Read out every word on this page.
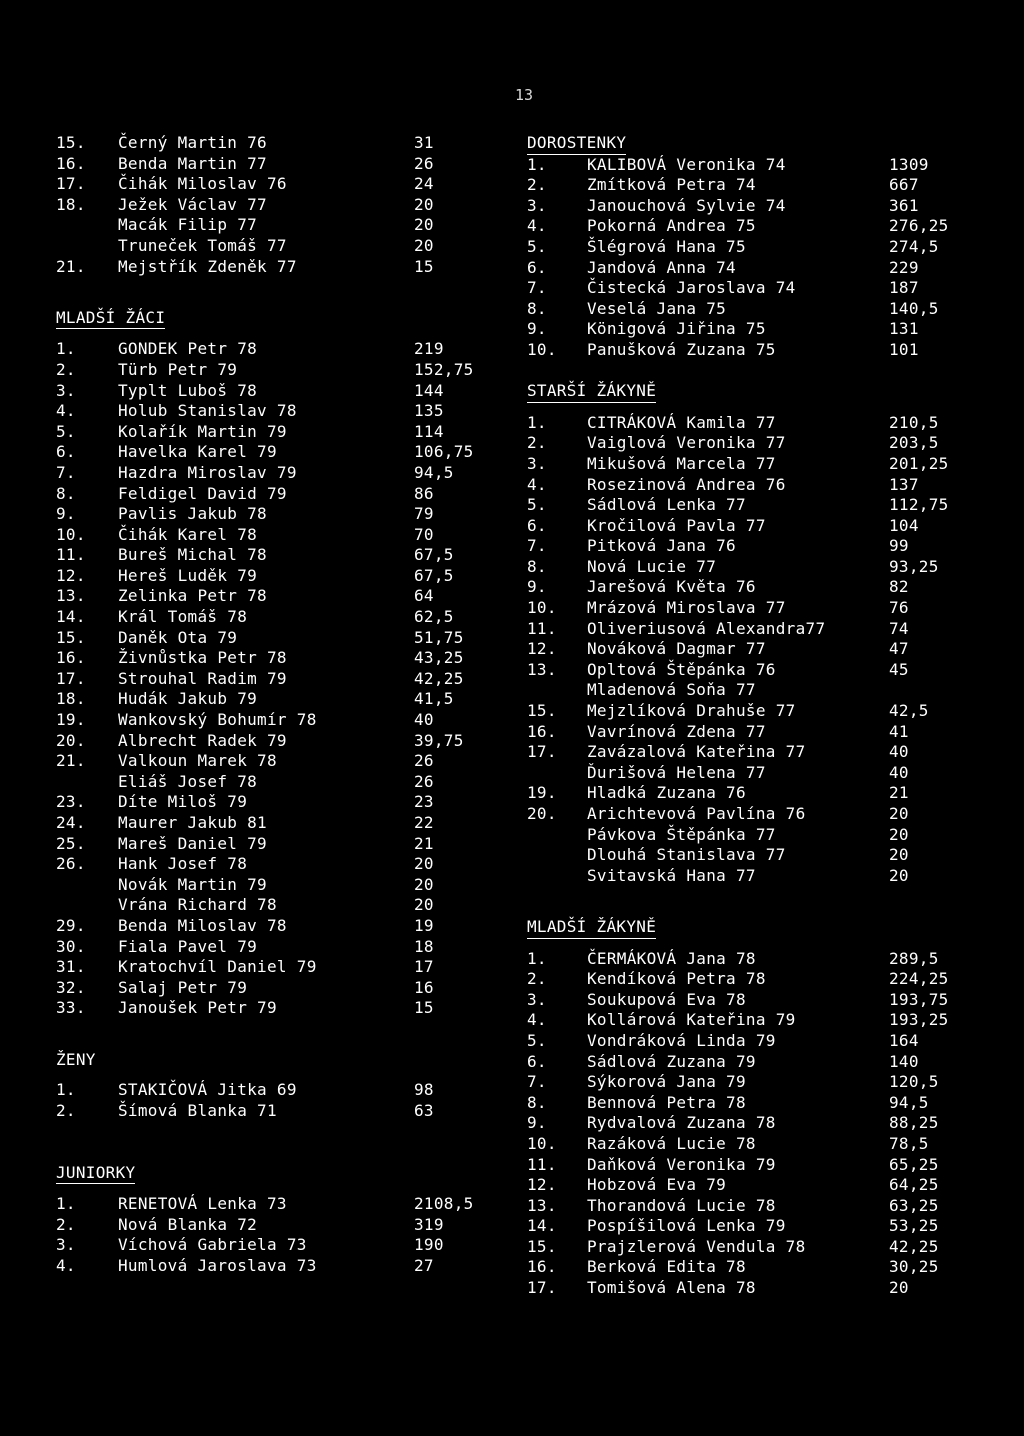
13
15. Černý Martin 76	31
16. Benda Martin 77	26
17. Čihák Miloslav 76	24
18. Ježek Václav 77	20
Macák Filip 77	20
Truneček Tomáš 77	20
21. Mejstřík Zdeněk 77	15
MLADŠÍ ŽÁCI
1.	GONDEK Petr 78	219
2.	Türb Petr 79	152,75
3.	Typlt Luboš 78	144
4.	Holub Stanislav 78	135
5.	Kolařík Martin 79	114
6.	Havelka Karel 79	106,75
7.	Hazdra Miroslav 79	94,5
8.	Feldigel David 79	86
9.	Pavlis Jakub 78	79
10. Čihák Karel 78	70
11. Bureš Michal 78	67,5
12. Hereš Luděk 79	67,5
13. Zelinka Petr 78	64
14. Král Tomáš 78	62,5
15. Daněk Ota 79	51,75
16. Živnůstka Petr 78	43,25
17. Strouhal Radim 79	42,25
18. Hudák Jakub 79	41,5
19. Wankovský Bohumír 78	40
20. Albrecht Radek 79	39,75
21. Valkoun Marek 78	26
Eliáš Josef 78	26
23. Díte Miloš 79	23
24. Maurer Jakub 81	22
25. Mareš Daniel 79	21
26. Hank Josef 78	20
Novák Martin 79	20
Vrána Richard 78	20
29. Benda Miloslav 78	19
30. Fiala Pavel 79	18
31. Kratochvíl Daniel 79	17
32. Salaj Petr 79	16
33. Janoušek Petr 79	15
ŽENY
1.	STAKIČOVÁ Jitka 69	98
2.	Šímová Blanka 71	63
JUNIORKY
1.	RENETOVÁ Lenka 73	2108,5
2.	Nová Blanka 72	319
3.	Víchová Gabriela 73	190
4.	Humlová Jaroslava 73	27
DOROSTENKY
1.	KALIBOVÁ Veronika 74	1309
2.	Zmítková Petra 74	667
3.	Janouchová Sylvie 74	361
4.	Pokorná Andrea 75	276,25
5.	Šlégrová Hana 75	274,5
6.	Jandová Anna 74	229
7.	Čistecká Jaroslava 74	187
8.	Veselá Jana 75	140,5
9.	Königová Jiřina 75	131
10. Panušková Zuzana 75	101
STARŠÍ ŽÁKYNĚ
1.	CITRÁKOVÁ Kamila 77	210,5
2.	Vaiglová Veronika 77	203,5
3.	Mikušová Marcela 77	201,25
4.	Rosezinová Andrea 76	137
5.	Sádlová Lenka 77	112,75
6.	Kročilová Pavla 77	104
7.	Pitková Jana 76	99
8.	Nová Lucie 77	93,25
9.	Jarešová Květa 76	82
10. Mrázová Miroslava 77	76
11. Oliveriusová Alexandra77	74
12. Nováková Dagmar 77	47
13. Opltová Štěpánka 76	45
Mladenová Soňa 77
15. Mejzlíková Drahuše 77	42,5
16. Vavrínová Zdena 77	41
17. Zavázalová Kateřina 77	40
Ďurišová Helena 77	40
19. Hladká Zuzana 76	21
20. Arichtevová Pavlína 76	20
Pávkova Štěpánka 77	20
Dlouhá Stanislava 77	20
Svitavská Hana 77	20
MLADŠÍ ŽÁKYNĚ
1.	ČERMÁKOVÁ Jana 78	289,5
2.	Kendíková Petra 78	224,25
3.	Soukupová Eva 78	193,75
4.	Kollárová Kateřina 79	193,25
5.	Vondráková Linda 79	164
6.	Sádlová Zuzana 79	140
7.	Sýkorová Jana 79	120,5
8.	Bennová Petra 78	94,5
9.	Rydvalová Zuzana 78	88,25
10. Razáková Lucie 78	78,5
11. Daňková Veronika 79	65,25
12. Hobzová Eva 79	64,25
13. Thorandová Lucie 78	63,25
14. Pospíšilová Lenka 79	53,25
15. Prajzlerová Vendula 78	42,25
16. Berková Edita 78	30,25
17. Tomišová Alena 78	20
